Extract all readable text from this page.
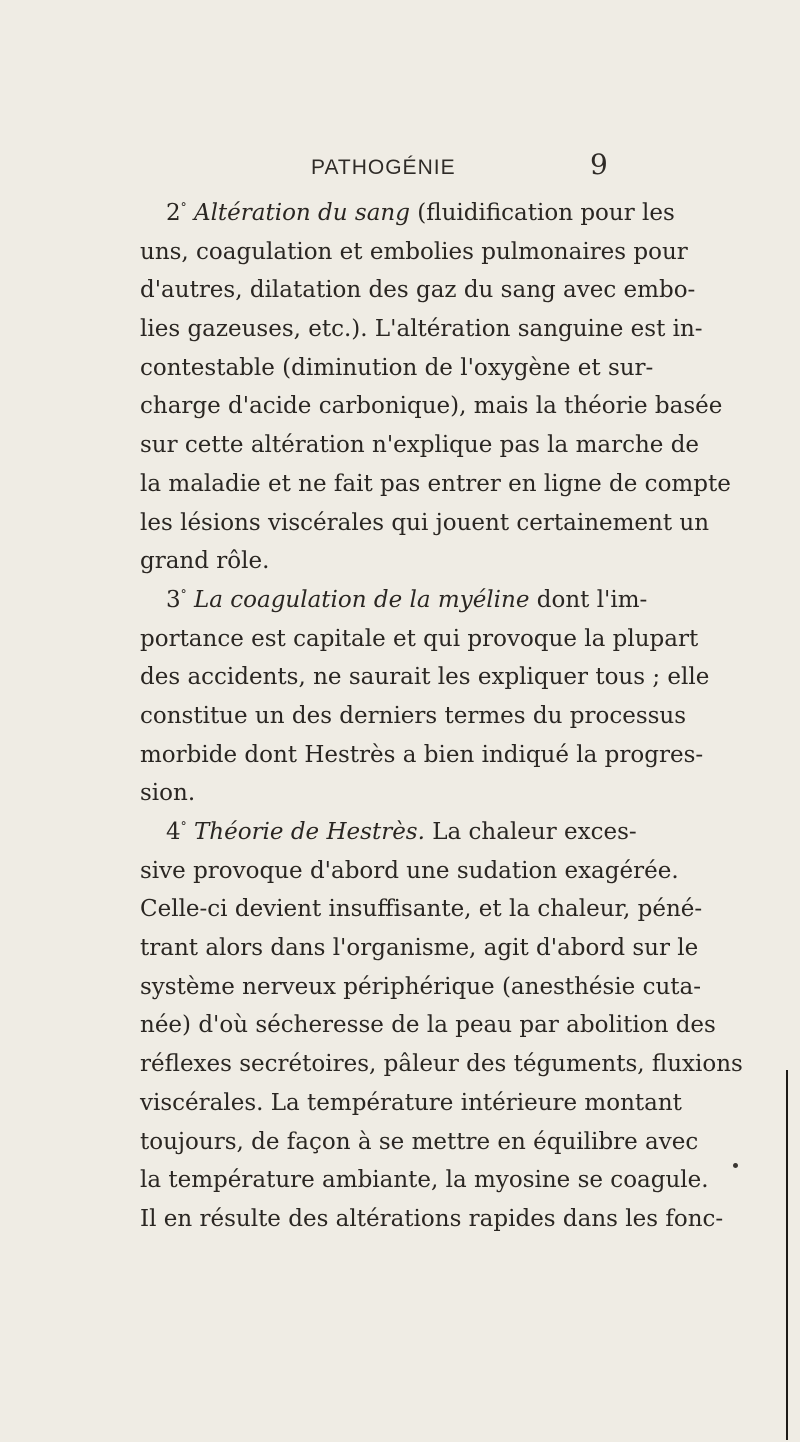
PATHOGÉNIE	9
2° Altération du sang (fluidification pour les
uns, coagulation et embolies pulmonaires pour
d'autres, dilatation des gaz du sang avec embo-
lies gazeuses, etc.). L'altération sanguine est in-
contestable (diminution de l'oxygène et sur-
charge d'acide carbonique), mais la théorie basée
sur cette altération n'explique pas la marche de
la maladie et ne fait pas entrer en ligne de compte
les lésions viscérales qui jouent certainement un
grand rôle.
3° La coagulation de la myéline dont l'im-
portance est capitale et qui provoque la plupart
des accidents, ne saurait les expliquer tous ; elle
constitue un des derniers termes du processus
morbide dont Hestrès a bien indiqué la progres-
sion.
4° Théorie de Hestrès. La chaleur exces-
sive provoque d'abord une sudation exagérée.
Celle-ci devient insuffisante, et la chaleur, péné-
trant alors dans l'organisme, agit d'abord sur le
système nerveux périphérique (anesthésie cuta-
née) d'où sécheresse de la peau par abolition des
réflexes secrétoires, pâleur des téguments, fluxions
viscérales. La température intérieure montant
toujours, de façon à se mettre en équilibre avec
la température ambiante, la myosine se coagule.
Il en résulte des altérations rapides dans les fonc-
